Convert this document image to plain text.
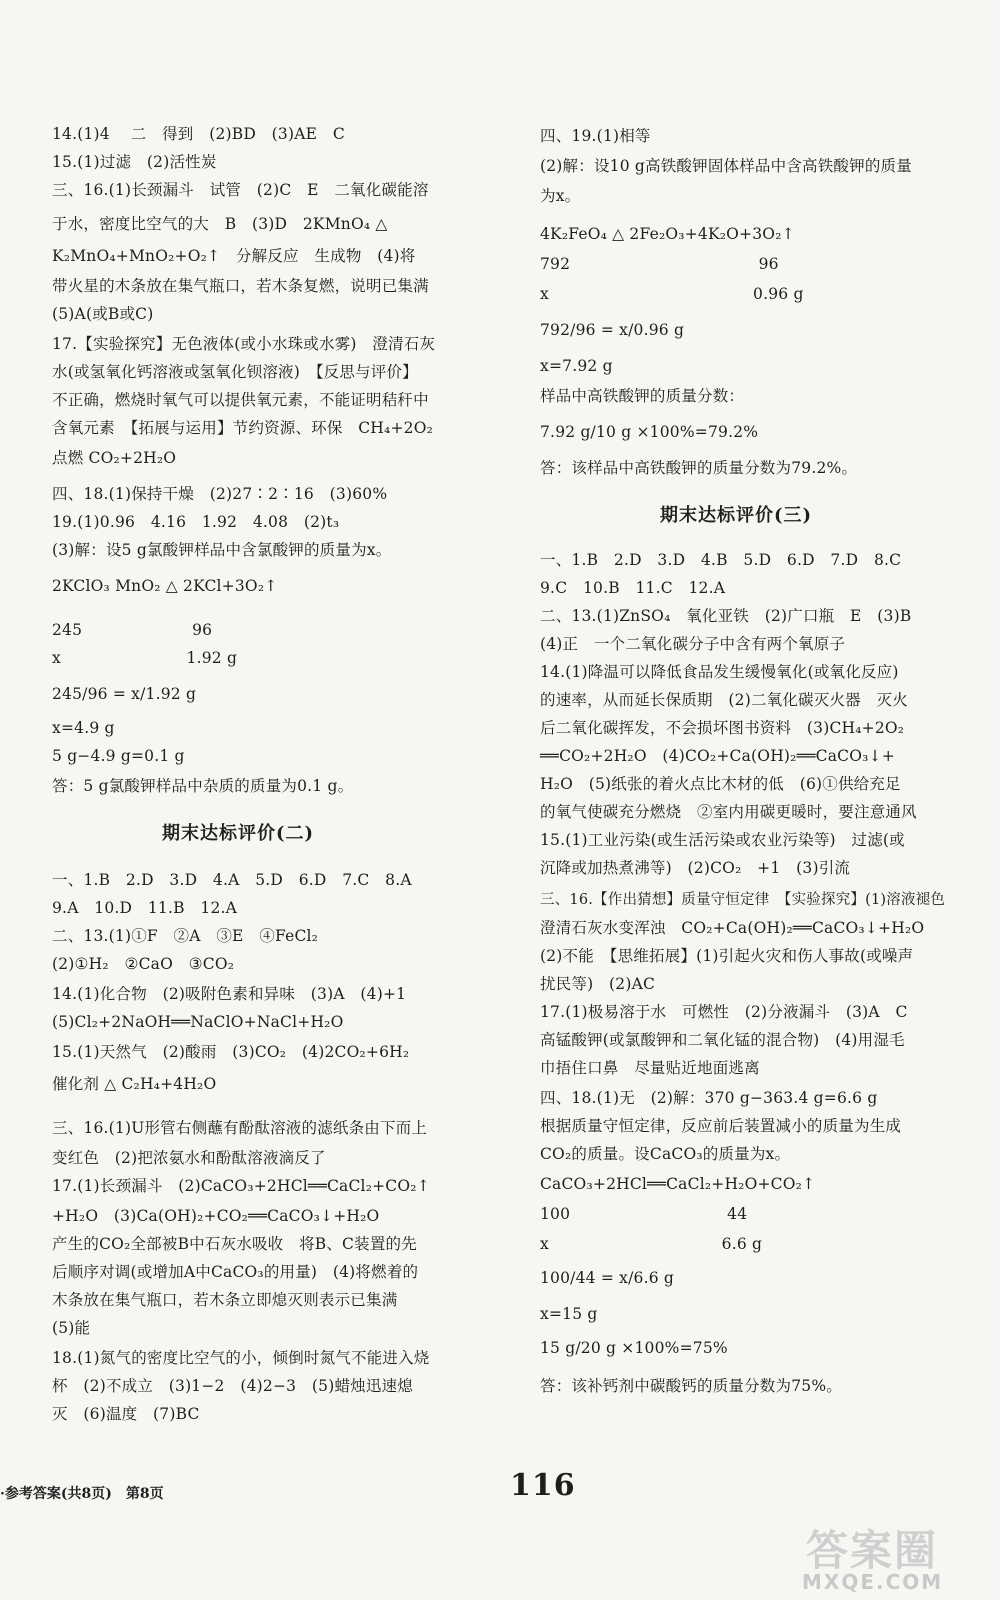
14.(1)4　 二　得到　(2)BD　(3)AE　C
15.(1)过滤　(2)活性炭
三、16.(1)长颈漏斗　试管　(2)C　E　二氧化碳能溶
于水，密度比空气的大　B　(3)D　2KMnO₄ △
K₂MnO₄+MnO₂+O₂↑　分解反应　生成物　(4)将
带火星的木条放在集气瓶口，若木条复燃，说明已集满
(5)A(或B或C)
17.【实验探究】无色液体(或小水珠或水雾)　澄清石灰
水(或氢氧化钙溶液或氢氧化钡溶液)　【反思与评价】
不正确，燃烧时氧气可以提供氧元素，不能证明秸秆中
含氧元素　【拓展与运用】节约资源、环保　CH₄+2O₂
点燃 CO₂+2H₂O
四、18.(1)保持干燥　(2)27∶2∶16　(3)60%
19.(1)0.96　4.16　1.92　4.08　(2)t₃
(3)解：设5 g氯酸钾样品中含氯酸钾的质量为x。
2KClO₃ MnO₂ △ 2KCl+3O₂↑
245　　　　　　　96
x　　　　　　　　1.92 g
245/96 = x/1.92 g
x=4.9 g
5 g−4.9 g=0.1 g
答：5 g氯酸钾样品中杂质的质量为0.1 g。
期末达标评价(二)
一、1.B　2.D　3.D　4.A　5.D　6.D　7.C　8.A
9.A　10.D　11.B　12.A
二、13.(1)①F　②A　③E　④FeCl₂
(2)①H₂　②CaO　③CO₂
14.(1)化合物　(2)吸附色素和异味　(3)A　(4)+1
(5)Cl₂+2NaOH══NaClO+NaCl+H₂O
15.(1)天然气　(2)酸雨　(3)CO₂　(4)2CO₂+6H₂
催化剂 △ C₂H₄+4H₂O
三、16.(1)U形管右侧蘸有酚酞溶液的滤纸条由下而上
变红色　(2)把浓氨水和酚酞溶液滴反了
17.(1)长颈漏斗　(2)CaCO₃+2HCl══CaCl₂+CO₂↑
+H₂O　(3)Ca(OH)₂+CO₂══CaCO₃↓+H₂O
产生的CO₂全部被B中石灰水吸收　将B、C装置的先
后顺序对调(或增加A中CaCO₃的用量)　(4)将燃着的
木条放在集气瓶口，若木条立即熄灭则表示已集满
(5)能
18.(1)氮气的密度比空气的小，倾倒时氮气不能进入烧
杯　(2)不成立　(3)1−2　(4)2−3　(5)蜡烛迅速熄
灭　(6)温度　(7)BC
四、19.(1)相等
(2)解：设10 g高铁酸钾固体样品中含高铁酸钾的质量
为x。
4K₂FeO₄ △ 2Fe₂O₃+4K₂O+3O₂↑
792　　　　　　　　　　　　96
x　　　　　　　　　　　　　0.96 g
792/96 = x/0.96 g
x=7.92 g
样品中高铁酸钾的质量分数：
7.92 g/10 g ×100%=79.2%
答：该样品中高铁酸钾的质量分数为79.2%。
期末达标评价(三)
一、1.B　2.D　3.D　4.B　5.D　6.D　7.D　8.C
9.C　10.B　11.C　12.A
二、13.(1)ZnSO₄　氧化亚铁　(2)广口瓶　E　(3)B
(4)正　一个二氧化碳分子中含有两个氧原子
14.(1)降温可以降低食品发生缓慢氧化(或氧化反应)
的速率，从而延长保质期　(2)二氧化碳灭火器　灭火
后二氧化碳挥发，不会损坏图书资料　(3)CH₄+2O₂
══CO₂+2H₂O　(4)CO₂+Ca(OH)₂══CaCO₃↓+
H₂O　(5)纸张的着火点比木材的低　(6)①供给充足
的氧气使碳充分燃烧　②室内用碳更暖时，要注意通风
15.(1)工业污染(或生活污染或农业污染等)　过滤(或
沉降或加热煮沸等)　(2)CO₂　+1　(3)引流
三、16.【作出猜想】质量守恒定律　【实验探究】(1)溶液褪色
澄清石灰水变浑浊　CO₂+Ca(OH)₂══CaCO₃↓+H₂O
(2)不能　【思维拓展】(1)引起火灾和伤人事故(或噪声
扰民等)　(2)AC
17.(1)极易溶于水　可燃性　(2)分液漏斗　(3)A　C
高锰酸钾(或氯酸钾和二氧化锰的混合物)　(4)用湿毛
巾捂住口鼻　尽量贴近地面逃离
四、18.(1)无　(2)解：370 g−363.4 g=6.6 g
根据质量守恒定律，反应前后装置减小的质量为生成
CO₂的质量。设CaCO₃的质量为x。
CaCO₃+2HCl══CaCl₂+H₂O+CO₂↑
100　　　　　　　　　　44
x　　　　　　　　　　　6.6 g
100/44 = x/6.6 g
x=15 g
15 g/20 g ×100%=75%
答：该补钙剂中碳酸钙的质量分数为75%。
·参考答案(共8页)　第8页	116
答案圈
MXQE.COM
